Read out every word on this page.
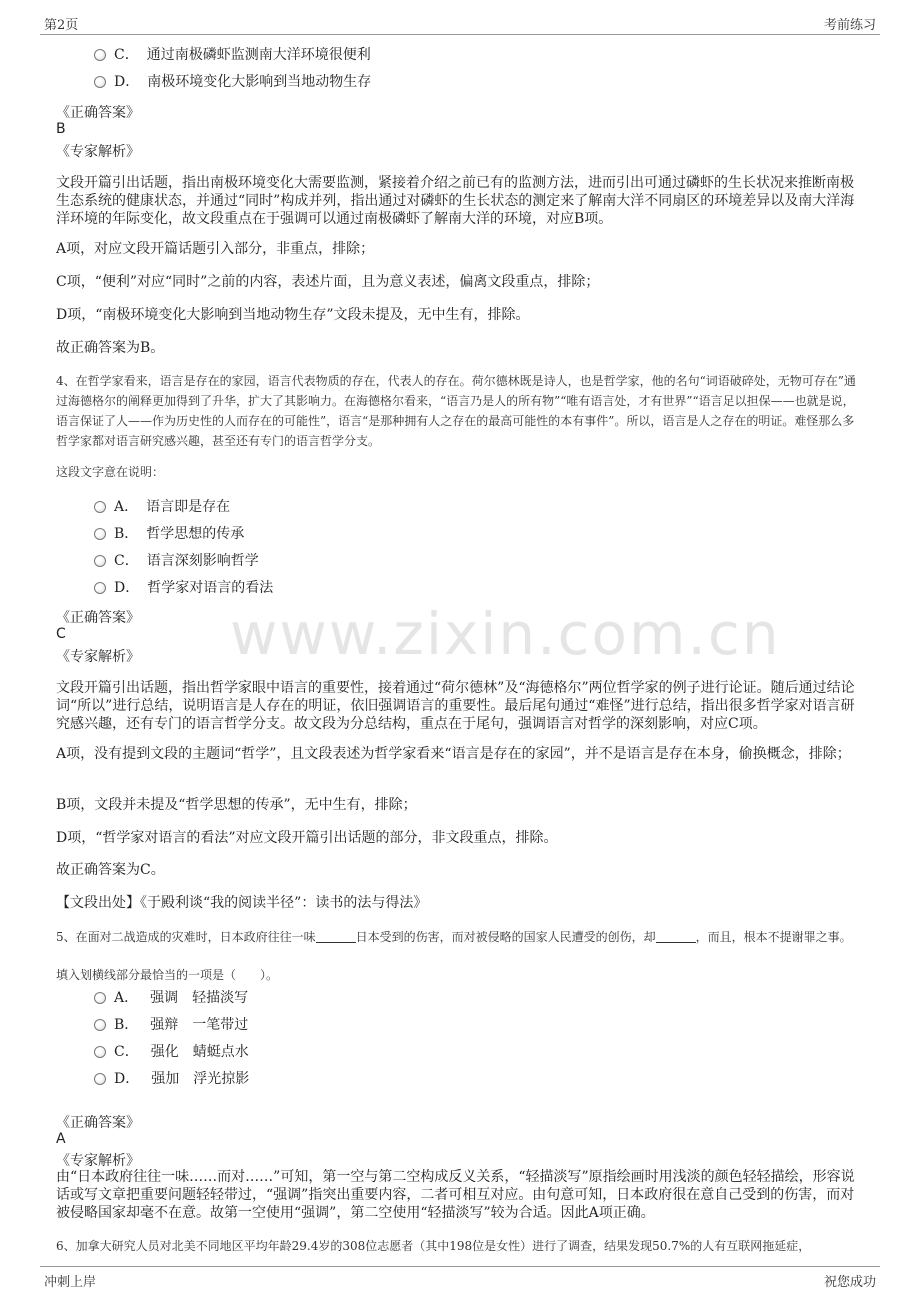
第2页	考前练习
冲刺上岸	祝您成功
www.zixin.com.cn
C． 通过南极磷虾监测南大洋环境很便利
D． 南极环境变化大影响到当地动物生存
《正确答案》
B
《专家解析》
文段开篇引出话题，指出南极环境变化大需要监测，紧接着介绍之前已有的监测方法，进而引出可通过磷虾的生长状况来推断南极生态系统的健康状态，并通过“同时”构成并列，指出通过对磷虾的生长状态的测定来了解南大洋不同扇区的环境差异以及南大洋海洋环境的年际变化，故文段重点在于强调可以通过南极磷虾了解南大洋的环境，对应B项。
A项，对应文段开篇话题引入部分，非重点，排除；
C项，“便利”对应“同时”之前的内容，表述片面，且为意义表述，偏离文段重点，排除；
D项，“南极环境变化大影响到当地动物生存”文段未提及，无中生有，排除。
故正确答案为B。
4、在哲学家看来，语言是存在的家园，语言代表物质的存在，代表人的存在。荷尔德林既是诗人，也是哲学家，他的名句“词语破碎处，无物可存在”通过海德格尔的阐释更加得到了升华，扩大了其影响力。在海德格尔看来，“语言乃是人的所有物”“唯有语言处，才有世界”“语言足以担保——也就是说，语言保证了人——作为历史性的人而存在的可能性”，语言“是那种拥有人之存在的最高可能性的本有事件”。所以，语言是人之存在的明证。难怪那么多哲学家都对语言研究感兴趣，甚至还有专门的语言哲学分支。
这段文字意在说明：
A． 语言即是存在
B． 哲学思想的传承
C． 语言深刻影响哲学
D． 哲学家对语言的看法
《正确答案》
C
《专家解析》
文段开篇引出话题，指出哲学家眼中语言的重要性，接着通过“荷尔德林”及“海德格尔”两位哲学家的例子进行论证。随后通过结论词“所以”进行总结，说明语言是人存在的明证，依旧强调语言的重要性。最后尾句通过“难怪”进行总结，指出很多哲学家对语言研究感兴趣，还有专门的语言哲学分支。故文段为分总结构，重点在于尾句，强调语言对哲学的深刻影响，对应C项。
A项，没有提到文段的主题词“哲学”，且文段表述为哲学家看来“语言是存在的家园”，并不是语言是存在本身，偷换概念，排除；
B项，文段并未提及“哲学思想的传承”，无中生有，排除；
D项，“哲学家对语言的看法”对应文段开篇引出话题的部分，非文段重点，排除。
故正确答案为C。
【文段出处】《于殿利谈“我的阅读半径”：读书的法与得法》
5、在面对二战造成的灾难时，日本政府往往一味	日本受到的伤害，而对被侵略的国家人民遭受的创伤，却	，而且，根本不提谢罪之事。
填入划横线部分最恰当的一项是（　　）。
A． 强调　轻描淡写
B． 强辩　一笔带过
C． 强化　蜻蜓点水
D． 强加　浮光掠影
《正确答案》
A
《专家解析》
由“日本政府往往一味……而对……”可知，第一空与第二空构成反义关系，“轻描淡写”原指绘画时用浅淡的颜色轻轻描绘，形容说话或写文章把重要问题轻轻带过，“强调”指突出重要内容，二者可相互对应。由句意可知，日本政府很在意自己受到的伤害，而对被侵略国家却毫不在意。故第一空使用“强调”，第二空使用“轻描淡写”较为合适。因此A项正确。
6、加拿大研究人员对北美不同地区平均年龄29.4岁的308位志愿者（其中198位是女性）进行了调查，结果发现50.7%的人有互联网拖延症，
